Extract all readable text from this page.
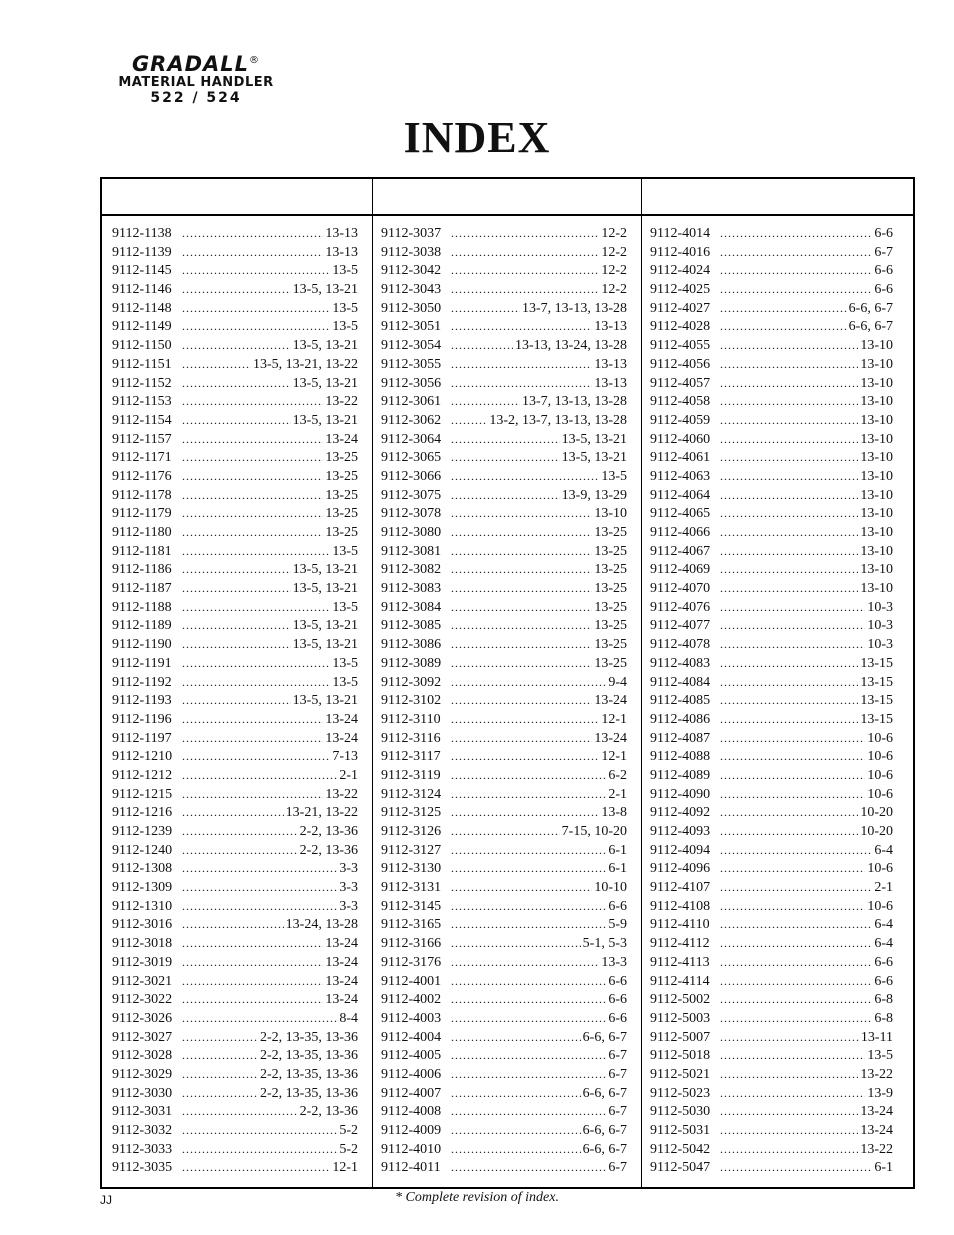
GRADALL®
MATERIAL HANDLER
522 / 524
INDEX
9112-1138 .....	13-13
9112-1139 .....	13-13
9112-1145 .....	13-5
9112-1146 .....	13-5, 13-21
9112-1148 .....	13-5
9112-1149 .....	13-5
9112-1150 .....	13-5, 13-21
9112-1151 .....	13-5, 13-21, 13-22
9112-1152 .....	13-5, 13-21
9112-1153 .....	13-22
9112-1154 .....	13-5, 13-21
9112-1157 .....	13-24
9112-1171 .....	13-25
9112-1176 .....	13-25
9112-1178 .....	13-25
9112-1179 .....	13-25
9112-1180 .....	13-25
9112-1181 .....	13-5
9112-1186 .....	13-5, 13-21
9112-1187 .....	13-5, 13-21
9112-1188 .....	13-5
9112-1189 .....	13-5, 13-21
9112-1190 .....	13-5, 13-21
9112-1191 .....	13-5
9112-1192 .....	13-5
9112-1193 .....	13-5, 13-21
9112-1196 .....	13-24
9112-1197 .....	13-24
9112-1210 .....	7-13
9112-1212 .....	2-1
9112-1215 .....	13-22
9112-1216 .....	13-21, 13-22
9112-1239 .....	2-2, 13-36
9112-1240 .....	2-2, 13-36
9112-1308 .....	3-3
9112-1309 .....	3-3
9112-1310 .....	3-3
9112-3016 .....	13-24, 13-28
9112-3018 .....	13-24
9112-3019 .....	13-24
9112-3021 .....	13-24
9112-3022 .....	13-24
9112-3026 .....	8-4
9112-3027 .....	2-2, 13-35, 13-36
9112-3028 .....	2-2, 13-35, 13-36
9112-3029 .....	2-2, 13-35, 13-36
9112-3030 .....	2-2, 13-35, 13-36
9112-3031 .....	2-2, 13-36
9112-3032 .....	5-2
9112-3033 .....	5-2
9112-3035 .....	12-1
9112-3037 .....	12-2
9112-3038 .....	12-2
9112-3042 .....	12-2
9112-3043 .....	12-2
9112-3050 .....	13-7, 13-13, 13-28
9112-3051 .....	13-13
9112-3054 .....	13-13, 13-24, 13-28
9112-3055 .....	13-13
9112-3056 .....	13-13
9112-3061 .....	13-7, 13-13, 13-28
9112-3062 .....	13-2, 13-7, 13-13, 13-28
9112-3064 .....	13-5, 13-21
9112-3065 .....	13-5, 13-21
9112-3066 .....	13-5
9112-3075 .....	13-9, 13-29
9112-3078 .....	13-10
9112-3080 .....	13-25
9112-3081 .....	13-25
9112-3082 .....	13-25
9112-3083 .....	13-25
9112-3084 .....	13-25
9112-3085 .....	13-25
9112-3086 .....	13-25
9112-3089 .....	13-25
9112-3092 .....	9-4
9112-3102 .....	13-24
9112-3110 .....	12-1
9112-3116 .....	13-24
9112-3117 .....	12-1
9112-3119 .....	6-2
9112-3124 .....	2-1
9112-3125 .....	13-8
9112-3126 .....	7-15, 10-20
9112-3127 .....	6-1
9112-3130 .....	6-1
9112-3131 .....	10-10
9112-3145 .....	6-6
9112-3165 .....	5-9
9112-3166 .....	5-1, 5-3
9112-3176 .....	13-3
9112-4001 .....	6-6
9112-4002 .....	6-6
9112-4003 .....	6-6
9112-4004 .....	6-6, 6-7
9112-4005 .....	6-7
9112-4006 .....	6-7
9112-4007 .....	6-6, 6-7
9112-4008 .....	6-7
9112-4009 .....	6-6, 6-7
9112-4010 .....	6-6, 6-7
9112-4011 .....	6-7
9112-4014 .....	6-6
9112-4016 .....	6-7
9112-4024 .....	6-6
9112-4025 .....	6-6
9112-4027 .....	6-6, 6-7
9112-4028 .....	6-6, 6-7
9112-4055 .....	13-10
9112-4056 .....	13-10
9112-4057 .....	13-10
9112-4058 .....	13-10
9112-4059 .....	13-10
9112-4060 .....	13-10
9112-4061 .....	13-10
9112-4063 .....	13-10
9112-4064 .....	13-10
9112-4065 .....	13-10
9112-4066 .....	13-10
9112-4067 .....	13-10
9112-4069 .....	13-10
9112-4070 .....	13-10
9112-4076 .....	10-3
9112-4077 .....	10-3
9112-4078 .....	10-3
9112-4083 .....	13-15
9112-4084 .....	13-15
9112-4085 .....	13-15
9112-4086 .....	13-15
9112-4087 .....	10-6
9112-4088 .....	10-6
9112-4089 .....	10-6
9112-4090 .....	10-6
9112-4092 .....	10-20
9112-4093 .....	10-20
9112-4094 .....	6-4
9112-4096 .....	10-6
9112-4107 .....	2-1
9112-4108 .....	10-6
9112-4110 .....	6-4
9112-4112 .....	6-4
9112-4113 .....	6-6
9112-4114 .....	6-6
9112-5002 .....	6-8
9112-5003 .....	6-8
9112-5007 .....	13-11
9112-5018 .....	13-5
9112-5021 .....	13-22
9112-5023 .....	13-9
9112-5030 .....	13-24
9112-5031 .....	13-24
9112-5042 .....	13-22
9112-5047 .....	6-1
JJ	* Complete revision of index.
